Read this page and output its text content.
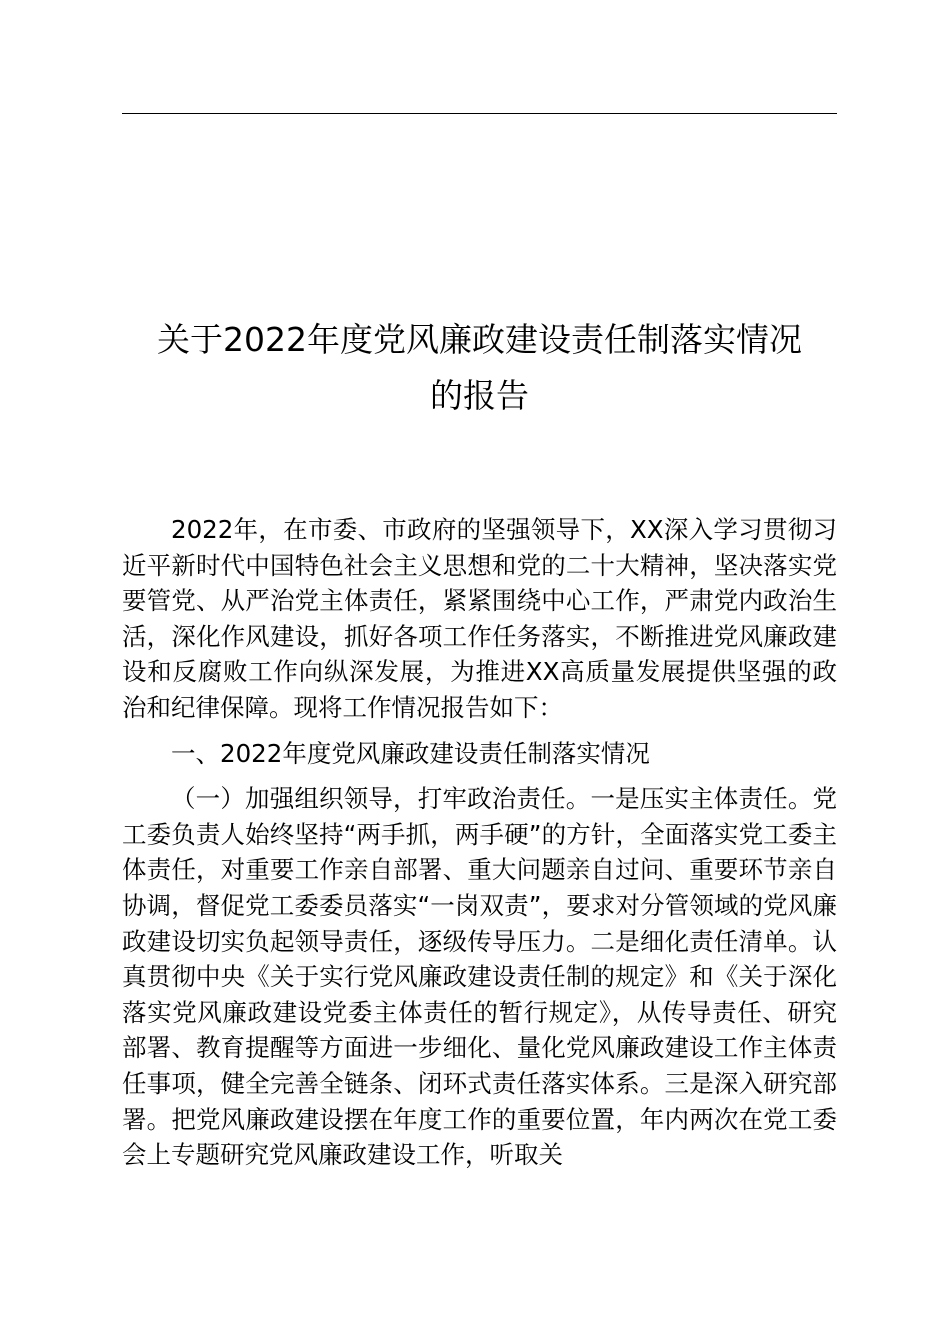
关于2022年度党风廉政建设责任制落实情况
的报告

2022年，在市委、市政府的坚强领导下，XX深入学习贯彻习近平新时代中国特色社会主义思想和党的二十大精神，坚决落实党要管党、从严治党主体责任，紧紧围绕中心工作，严肃党内政治生活，深化作风建设，抓好各项工作任务落实，不断推进党风廉政建设和反腐败工作向纵深发展，为推进XX高质量发展提供坚强的政治和纪律保障。现将工作情况报告如下：

一、2022年度党风廉政建设责任制落实情况

（一）加强组织领导，打牢政治责任。一是压实主体责任。党工委负责人始终坚持“两手抓，两手硬”的方针，全面落实党工委主体责任，对重要工作亲自部署、重大问题亲自过问、重要环节亲自协调，督促党工委委员落实“一岗双责”，要求对分管领域的党风廉政建设切实负起领导责任，逐级传导压力。二是细化责任清单。认真贯彻中央《关于实行党风廉政建设责任制的规定》和《关于深化落实党风廉政建设党委主体责任的暂行规定》，从传导责任、研究部署、教育提醒等方面进一步细化、量化党风廉政建设工作主体责任事项，健全完善全链条、闭环式责任落实体系。三是深入研究部署。把党风廉政建设摆在年度工作的重要位置，年内两次在党工委会上专题研究党风廉政建设工作，听取关
